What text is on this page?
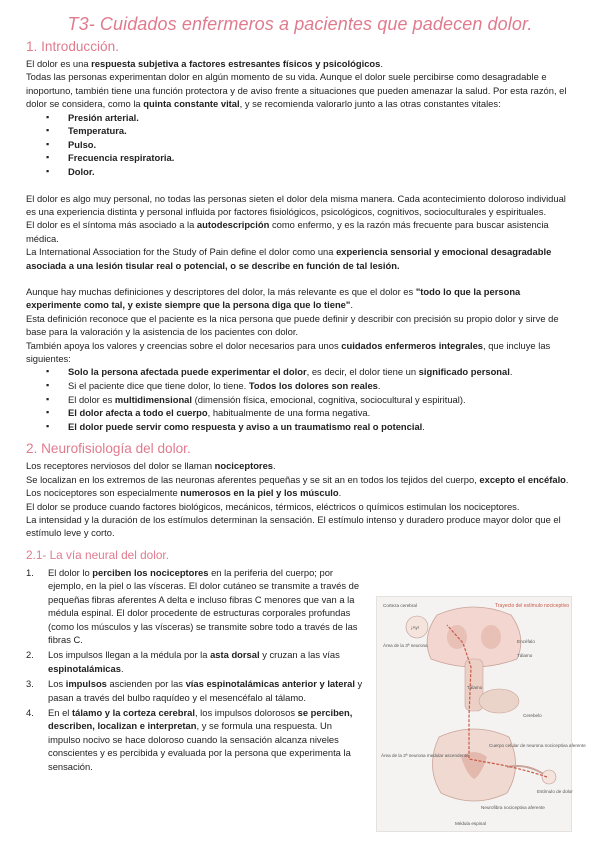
T3- Cuidados enfermeros a pacientes que padecen dolor.
1. Introducción.

El dolor es una respuesta subjetiva a factores estresantes físicos y psicológicos.

Todas las personas experimentan dolor en algún momento de su vida. Aunque el dolor suele percibirse como desagradable e inoportuno, también tiene una función protectora y de aviso frente a situaciones que pueden amenazar la salud. Por esta razón, el dolor se considera, como la quinta constante vital, y se recomienda valorarlo junto a las otras constantes vitales:

▪ Presión arterial.
▪ Temperatura.
▪ Pulso.
▪ Frecuencia respiratoria.
▪ Dolor.

El dolor es algo muy personal, no todas las personas sieten el dolor dela misma manera. Cada acontecimiento doloroso individual es una experiencia distinta y personal influida por factores fisiológicos, psicológicos, cognitivos, socioculturales y espirituales.

El dolor es el síntoma más asociado a la autodescripción como enfermo, y es la razón más frecuente para buscar asistencia médica.

La International Association for the Study of Pain define el dolor como una experiencia sensorial y emocional desagradable asociada a una lesión tisular real o potencial, o se describe en función de tal lesión.

Aunque hay muchas definiciones y descriptores del dolor, la más relevante es que el dolor es "todo lo que la persona experimente como tal, y existe siempre que la persona diga que lo tiene".

Esta definición reconoce que el paciente es la nica persona que puede definir y describir con precisión su propio dolor y sirve de base para la valoración y la asistencia de los pacientes con dolor.

También apoya los valores y creencias sobre el dolor necesarios para unos cuidados enfermeros integrales, que incluye las siguientes:

▪ Solo la persona afectada puede experimentar el dolor, es decir, el dolor tiene un significado personal.
▪ Si el paciente dice que tiene dolor, lo tiene. Todos los dolores son reales.
▪ El dolor es multidimensional (dimensión física, emocional, cognitiva, sociocultural y espiritual).
▪ El dolor afecta a todo el cuerpo, habitualmente de una forma negativa.
▪ El dolor puede servir como respuesta y aviso a un traumatismo real o potencial.
2. Neurofisiología del dolor.

Los receptores nerviosos del dolor se llaman nociceptores.

Se localizan en los extremos de las neuronas aferentes pequeñas y se sit an en todos los tejidos del cuerpo, excepto el encéfalo.

Los nociceptores son especialmente numerosos en la piel y los músculo.

El dolor se produce cuando factores biológicos, mecánicos, térmicos, eléctricos o químicos estimulan los nociceptores.

La intensidad y la duración de los estímulos determinan la sensación. El estímulo intenso y duradero produce mayor dolor que el estímulo leve y corto.

2.1- La vía neural del dolor.
1. El dolor lo perciben los nociceptores en la periferia del cuerpo; por ejemplo, en la piel o las vísceras. El dolor cutáneo se transmite a través de pequeñas fibras aferentes A delta e incluso fibras C menores que van a la médula espinal. El dolor procedente de estructuras corporales profundas (como los músculos y las vísceras) se transmite sobre todo a través de las fibras C.
2. Los impulsos llegan a la médula por la asta dorsal y cruzan a las vías espinotalámicas.
3. Los impulsos ascienden por las vías espinotalámicas anterior y lateral y pasan a través del bulbo raquídeo y el mesencéfalo al tálamo.
4. En el tálamo y la corteza cerebral, los impulsos dolorosos se perciben, describen, localizan e interpretan, y se formula una respuesta. Un impulso nocivo se hace doloroso cuando la sensación alcanza niveles conscientes y es percibida y evaluada por la persona que experimenta la sensación.
¡Ay!
Corteza cerebral	Trayecto del estímulo nociceptivo
Área de la 3ª neurona
Encéfalo
Tálamo
Tálamo
Cerebelo
Área de la 2ª neurona medular ascendente
Cuerpo celular de neurona nociceptiva aferente
Estímulo de dolor
Neurofibra nociceptiva aferente
Médula espinal
